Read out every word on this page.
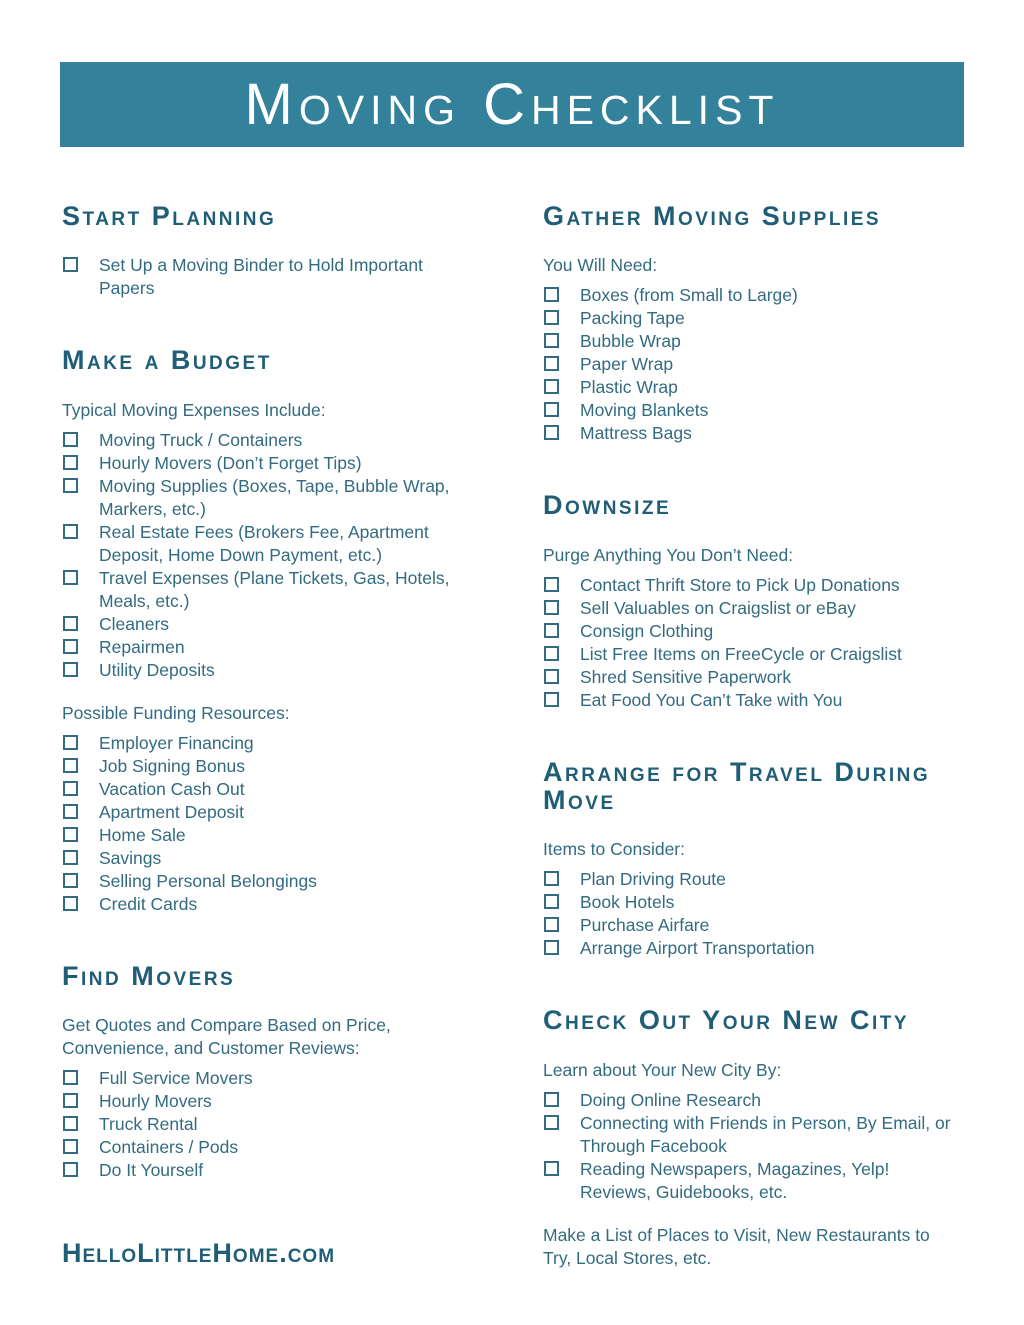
Moving Checklist
Start Planning
Set Up a Moving Binder to Hold Important Papers
Make a Budget

Typical Moving Expenses Include:

Moving Truck / Containers
Hourly Movers (Don’t Forget Tips)
Moving Supplies (Boxes, Tape, Bubble Wrap, Markers, etc.)
Real Estate Fees (Brokers Fee, Apartment Deposit, Home Down Payment, etc.)
Travel Expenses (Plane Tickets, Gas, Hotels, Meals, etc.)
Cleaners
Repairmen
Utility Deposits

Possible Funding Resources:

Employer Financing
Job Signing Bonus
Vacation Cash Out
Apartment Deposit
Home Sale
Savings
Selling Personal Belongings
Credit Cards
Find Movers

Get Quotes and Compare Based on Price, Convenience, and Customer Reviews:

Full Service Movers
Hourly Movers
Truck Rental
Containers / Pods
Do It Yourself
Gather Moving Supplies

You Will Need:

Boxes (from Small to Large)
Packing Tape
Bubble Wrap
Paper Wrap
Plastic Wrap
Moving Blankets
Mattress Bags
Downsize

Purge Anything You Don’t Need:

Contact Thrift Store to Pick Up Donations
Sell Valuables on Craigslist or eBay
Consign Clothing
List Free Items on FreeCycle or Craigslist
Shred Sensitive Paperwork
Eat Food You Can’t Take with You
Arrange for Travel During Move

Items to Consider:

Plan Driving Route
Book Hotels
Purchase Airfare
Arrange Airport Transportation
Check Out Your New City

Learn about Your New City By:

Doing Online Research
Connecting with Friends in Person, By Email, or Through Facebook
Reading Newspapers, Magazines, Yelp! Reviews, Guidebooks, etc.

Make a List of Places to Visit, New Restaurants to Try, Local Stores, etc.

HelloLittleHome.com
